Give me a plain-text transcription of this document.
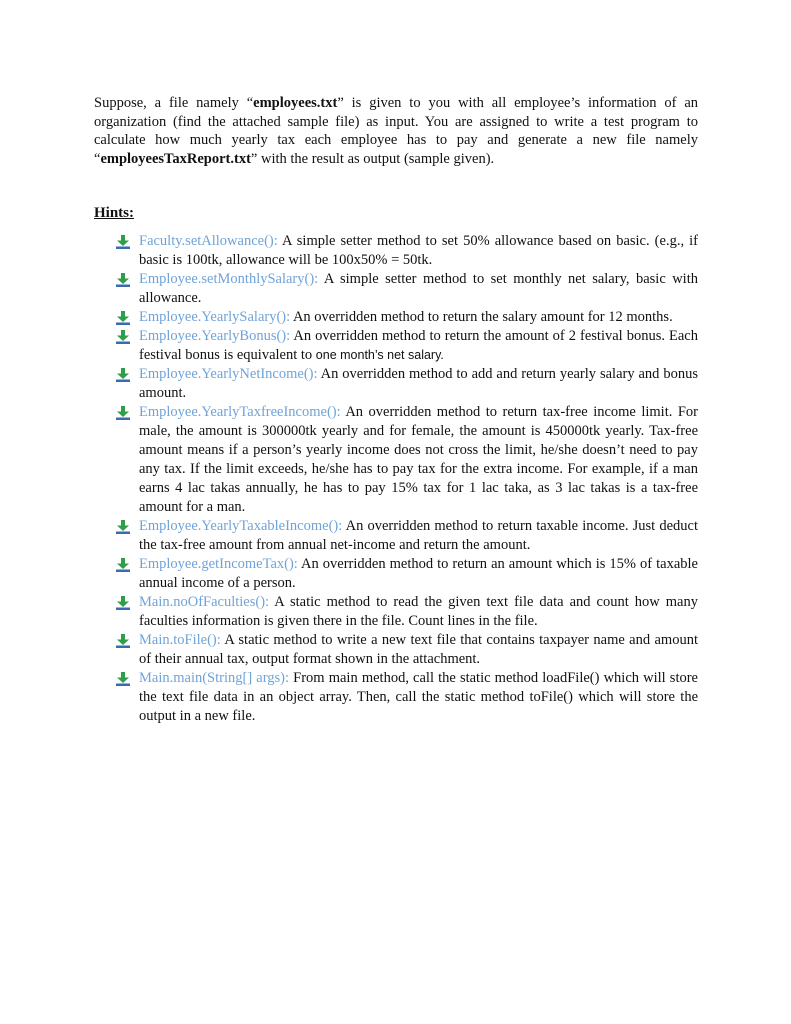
Suppose, a file namely “employees.txt” is given to you with all employee’s information of an organization (find the attached sample file) as input. You are assigned to write a test program to calculate how much yearly tax each employee has to pay and generate a new file namely “employeesTaxReport.txt” with the result as output (sample given).

Hints:
Faculty.setAllowance(): A simple setter method to set 50% allowance based on basic. (e.g., if basic is 100tk, allowance will be 100x50% = 50tk.
Employee.setMonthlySalary(): A simple setter method to set monthly net salary, basic with allowance.
Employee.YearlySalary(): An overridden method to return the salary amount for 12 months.
Employee.YearlyBonus(): An overridden method to return the amount of 2 festival bonus. Each festival bonus is equivalent to one month’s net salary.
Employee.YearlyNetIncome(): An overridden method to add and return yearly salary and bonus amount.
Employee.YearlyTaxfreeIncome(): An overridden method to return tax-free income limit. For male, the amount is 300000tk yearly and for female, the amount is 450000tk yearly. Tax-free amount means if a person’s yearly income does not cross the limit, he/she doesn’t need to pay any tax. If the limit exceeds, he/she has to pay tax for the extra income. For example, if a man earns 4 lac takas annually, he has to pay 15% tax for 1 lac taka, as 3 lac takas is a tax-free amount for a man.
Employee.YearlyTaxableIncome(): An overridden method to return taxable income. Just deduct the tax-free amount from annual net-income and return the amount.
Employee.getIncomeTax(): An overridden method to return an amount which is 15% of taxable annual income of a person.
Main.noOfFaculties(): A static method to read the given text file data and count how many faculties information is given there in the file. Count lines in the file.
Main.toFile(): A static method to write a new text file that contains taxpayer name and amount of their annual tax, output format shown in the attachment.
Main.main(String[] args): From main method, call the static method loadFile() which will store the text file data in an object array. Then, call the static method toFile() which will store the output in a new file.
